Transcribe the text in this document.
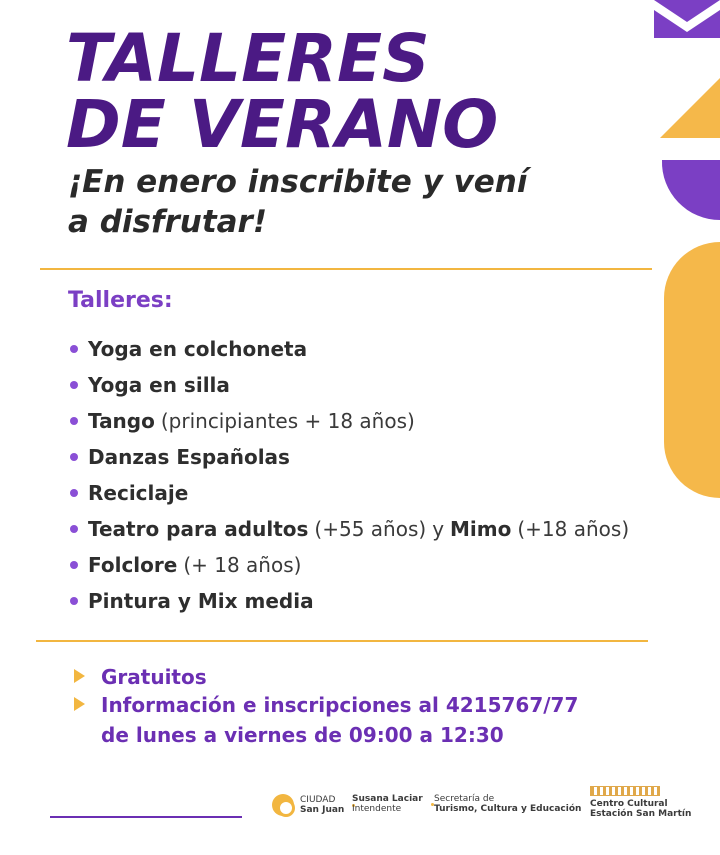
TALLERES
DE VERANO
¡En enero inscribite y vení
a disfrutar!
Talleres:
Yoga en colchoneta
Yoga en silla
Tango (principiantes + 18 años)
Danzas Españolas
Reciclaje
Teatro para adultos (+55 años) y Mimo (+18 años)
Folclore (+ 18 años)
Pintura y Mix media
Gratuitos
Información e inscripciones al 4215767/77
de lunes a viernes de 09:00 a 12:30
CIUDAD
San Juan
Susana Laciar
Intendente
Secretaría de
Turismo, Cultura y Educación Centro Cultural
Estación San Martín
